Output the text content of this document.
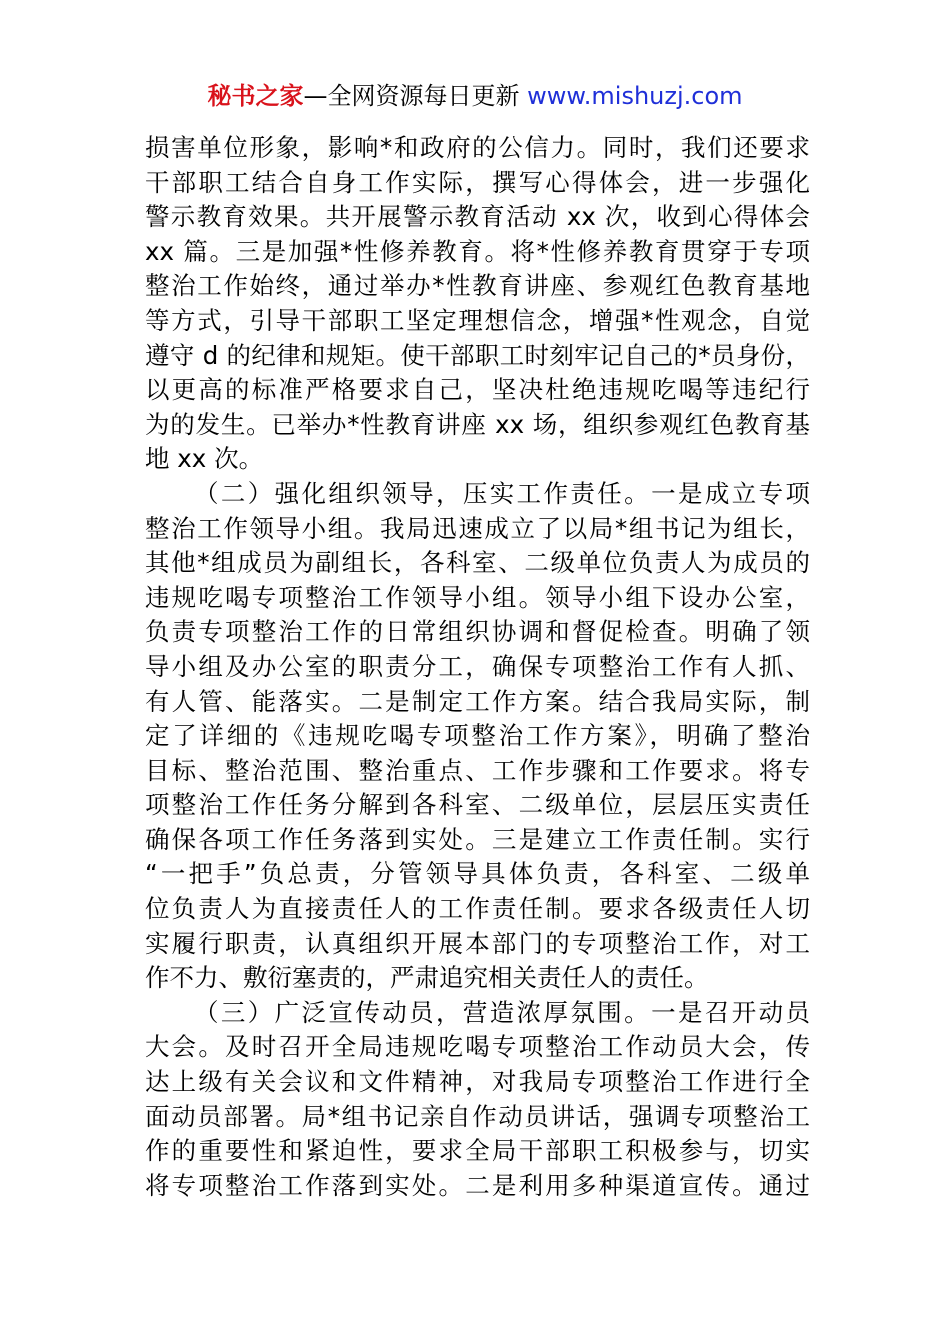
秘书之家—全网资源每日更新 www.mishuzj.com
损害单位形象，影响*和政府的公信力。同时，我们还要求
干部职工结合自身工作实际，撰写心得体会，进一步强化
警示教育效果。共开展警示教育活动 xx 次，收到心得体会
xx 篇。三是加强*性修养教育。将*性修养教育贯穿于专项
整治工作始终，通过举办*性教育讲座、参观红色教育基地
等方式，引导干部职工坚定理想信念，增强*性观念，自觉
遵守 d 的纪律和规矩。使干部职工时刻牢记自己的*员身份，
以更高的标准严格要求自己，坚决杜绝违规吃喝等违纪行
为的发生。已举办*性教育讲座 xx 场，组织参观红色教育基
地 xx 次。
（二）强化组织领导，压实工作责任。一是成立专项
整治工作领导小组。我局迅速成立了以局*组书记为组长，
其他*组成员为副组长，各科室、二级单位负责人为成员的
违规吃喝专项整治工作领导小组。领导小组下设办公室，
负责专项整治工作的日常组织协调和督促检查。明确了领
导小组及办公室的职责分工，确保专项整治工作有人抓、
有人管、能落实。二是制定工作方案。结合我局实际，制
定了详细的《违规吃喝专项整治工作方案》，明确了整治
目标、整治范围、整治重点、工作步骤和工作要求。将专
项整治工作任务分解到各科室、二级单位，层层压实责任
确保各项工作任务落到实处。三是建立工作责任制。实行
“一把手”负总责，分管领导具体负责，各科室、二级单
位负责人为直接责任人的工作责任制。要求各级责任人切
实履行职责，认真组织开展本部门的专项整治工作，对工
作不力、敷衍塞责的，严肃追究相关责任人的责任。
（三）广泛宣传动员，营造浓厚氛围。一是召开动员
大会。及时召开全局违规吃喝专项整治工作动员大会，传
达上级有关会议和文件精神，对我局专项整治工作进行全
面动员部署。局*组书记亲自作动员讲话，强调专项整治工
作的重要性和紧迫性，要求全局干部职工积极参与，切实
将专项整治工作落到实处。二是利用多种渠道宣传。通过
